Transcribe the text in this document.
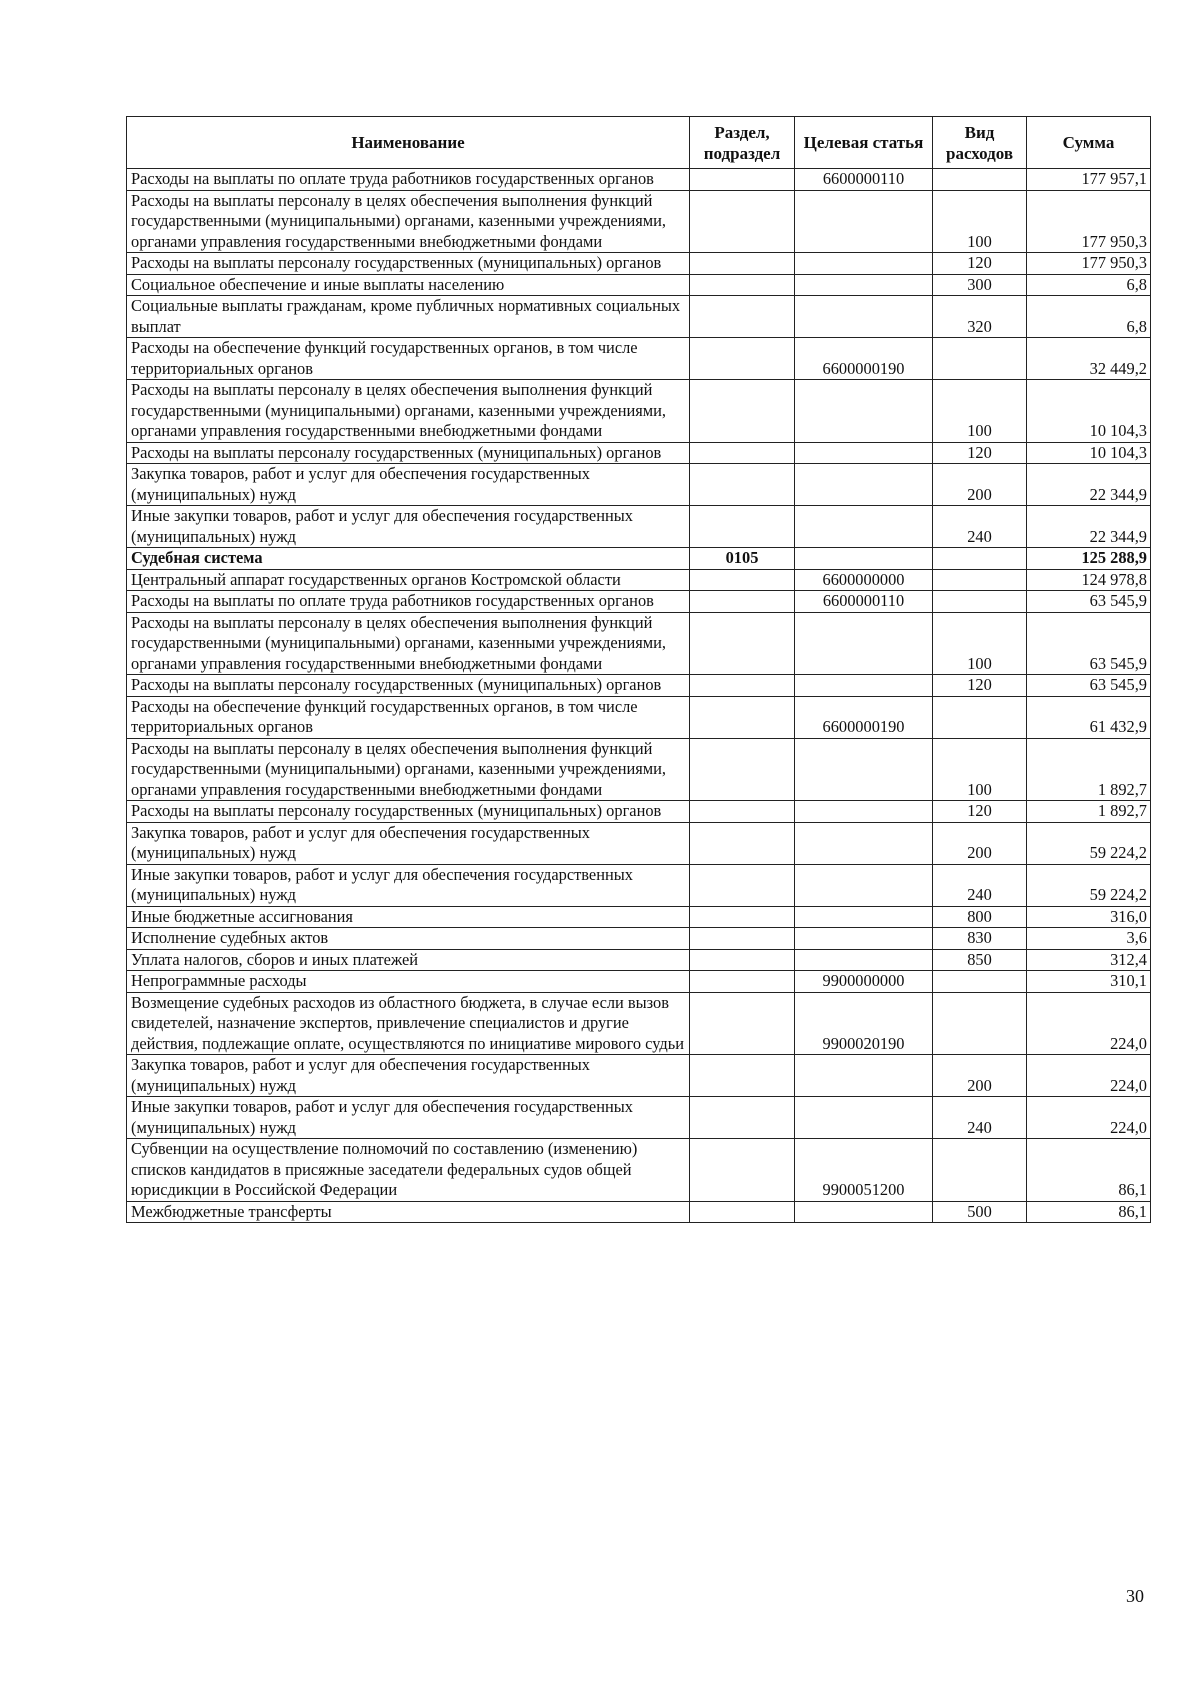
Наименование	Раздел, подраздел	Целевая статья	Вид расходов	Сумма
Расходы на выплаты по оплате труда работников государственных органов		6600000110		177 957,1
Расходы на выплаты персоналу в целях обеспечения выполнения функций государственными (муниципальными) органами, казенными учреждениями, органами управления государственными внебюджетными фондами			100	177 950,3
Расходы на выплаты персоналу государственных (муниципальных) органов			120	177 950,3
Социальное обеспечение и иные выплаты населению			300	6,8
Социальные выплаты гражданам, кроме публичных нормативных социальных выплат			320	6,8
Расходы на обеспечение функций государственных органов, в том числе территориальных органов		6600000190		32 449,2
Расходы на выплаты персоналу в целях обеспечения выполнения функций государственными (муниципальными) органами, казенными учреждениями, органами управления государственными внебюджетными фондами			100	10 104,3
Расходы на выплаты персоналу государственных (муниципальных) органов			120	10 104,3
Закупка товаров, работ и услуг для обеспечения государственных (муниципальных) нужд			200	22 344,9
Иные закупки товаров, работ и услуг для обеспечения государственных (муниципальных) нужд			240	22 344,9
Судебная система	0105			125 288,9
Центральный аппарат государственных органов Костромской области		6600000000		124 978,8
Расходы на выплаты по оплате труда работников государственных органов		6600000110		63 545,9
Расходы на выплаты персоналу в целях обеспечения выполнения функций государственными (муниципальными) органами, казенными учреждениями, органами управления государственными внебюджетными фондами			100	63 545,9
Расходы на выплаты персоналу государственных (муниципальных) органов			120	63 545,9
Расходы на обеспечение функций государственных органов, в том числе территориальных органов		6600000190		61 432,9
Расходы на выплаты персоналу в целях обеспечения выполнения функций государственными (муниципальными) органами, казенными учреждениями, органами управления государственными внебюджетными фондами			100	1 892,7
Расходы на выплаты персоналу государственных (муниципальных) органов			120	1 892,7
Закупка товаров, работ и услуг для обеспечения государственных (муниципальных) нужд			200	59 224,2
Иные закупки товаров, работ и услуг для обеспечения государственных (муниципальных) нужд			240	59 224,2
Иные бюджетные ассигнования			800	316,0
Исполнение судебных актов			830	3,6
Уплата налогов, сборов и иных платежей			850	312,4
Непрограммные расходы		9900000000		310,1
Возмещение судебных расходов из областного бюджета, в случае если вызов свидетелей, назначение экспертов, привлечение специалистов и другие действия, подлежащие оплате, осуществляются по инициативе мирового судьи		9900020190		224,0
Закупка товаров, работ и услуг для обеспечения государственных (муниципальных) нужд			200	224,0
Иные закупки товаров, работ и услуг для обеспечения государственных (муниципальных) нужд			240	224,0
Субвенции на осуществление полномочий по составлению (изменению) списков кандидатов в присяжные заседатели федеральных судов общей юрисдикции в Российской Федерации		9900051200		86,1
Межбюджетные трансферты			500	86,1
30
